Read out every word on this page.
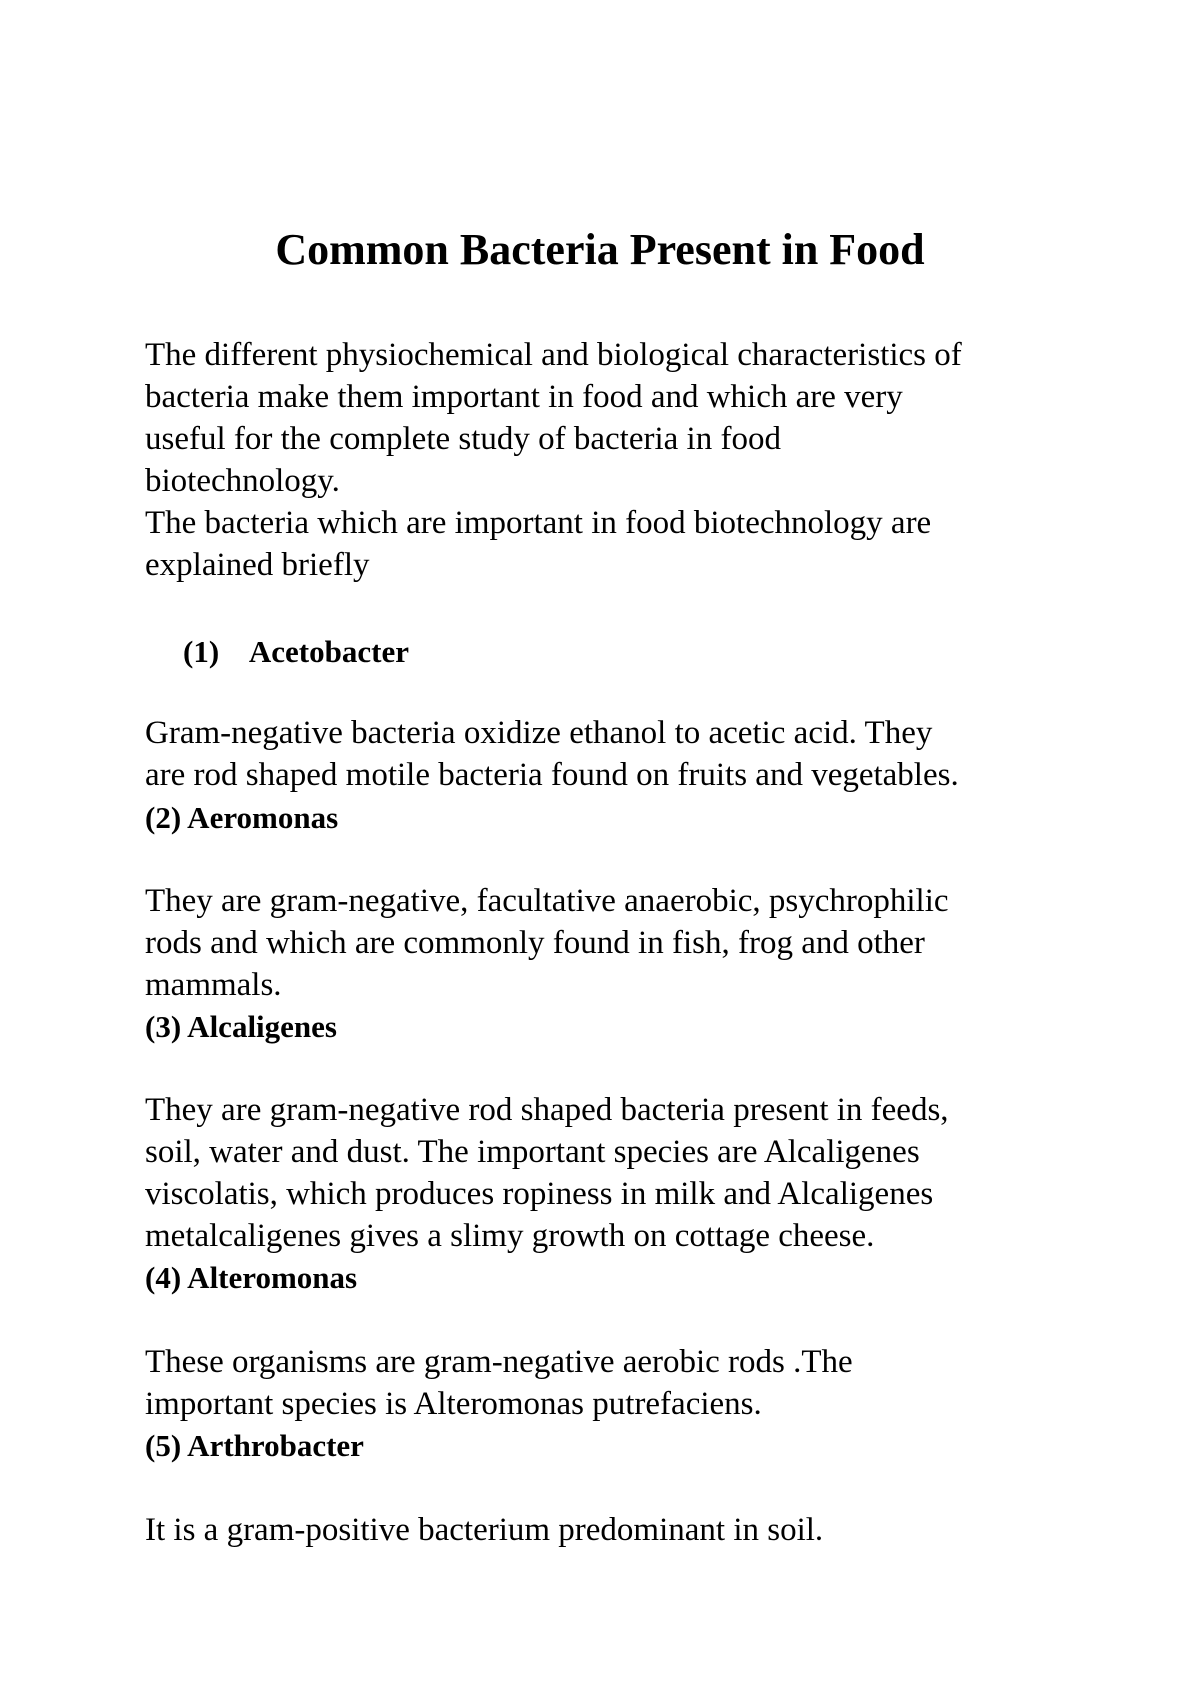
Common Bacteria Present in Food
The different physiochemical and biological characteristics of
bacteria make them important in food and which are very
useful for the complete study of bacteria in food
biotechnology.
The bacteria which are important in food biotechnology are
explained briefly
(1) Acetobacter
Gram-negative bacteria oxidize ethanol to acetic acid. They
are rod shaped motile bacteria found on fruits and vegetables.
(2) Aeromonas
They are gram-negative, facultative anaerobic, psychrophilic
rods and which are commonly found in fish, frog and other
mammals.
(3) Alcaligenes
They are gram-negative rod shaped bacteria present in feeds,
soil, water and dust. The important species are Alcaligenes
viscolatis, which produces ropiness in milk and Alcaligenes
metalcaligenes gives a slimy growth on cottage cheese.
(4) Alteromonas
These organisms are gram-negative aerobic rods .The
important species is Alteromonas putrefaciens.
(5) Arthrobacter
It is a gram-positive bacterium predominant in soil.
